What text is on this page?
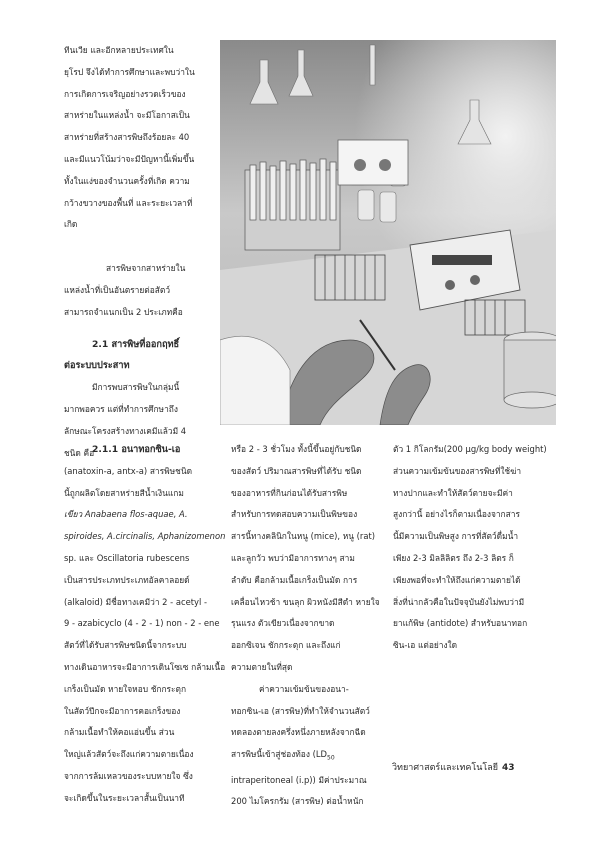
ทีนเวีย และอีกหลายประเทศใน

ยุโรป จึงได้ทำการศึกษาและพบว่าใน

การเกิดการเจริญอย่างรวดเร็วของ

สาหร่ายในแหล่งน้ำ จะมีโอกาสเป็น

สาหร่ายที่สร้างสารพิษถึงร้อยละ 40

และมีแนวโน้มว่าจะมีปัญหานี้เพิ่มขึ้น

ทั้งในแง่ของจำนวนครั้งที่เกิด ความ

กว้างขวางของพื้นที่ และระยะเวลาที่

เกิด

สารพิษจากสาหร่ายใน

แหล่งน้ำที่เป็นอันตรายต่อสัตว์

สามารถจำแนกเป็น 2 ประเภทคือ

2.1 สารพิษที่ออกฤทธิ์
ต่อระบบประสาท

มีการพบสารพิษในกลุ่มนี้

มากพอควร แต่ที่ทำการศึกษาถึง

ลักษณะโครงสร้างทางเคมีแล้วมี 4

ชนิด คือ

2.1.1 อนาทอกซิน-เอ

(anatoxin-a, antx-a) สารพิษชนิด

นี้ถูกผลิตโดยสาหร่ายสีน้ำเงินแกม

เขียว Anabaena flos-aquae, A.

spiroides, A.circinalis, Aphanizomenon

sp. และ Oscillatoria rubescens

เป็นสารประเภทประเภทอัลคาลอยด์

(alkaloid) มีชื่อทางเคมีว่า 2 - acetyl -

9 - azabicyclo (4 - 2 - 1) non - 2 - ene

สัตว์ที่ได้รับสารพิษชนิดนี้จากระบบ

ทางเดินอาหารจะมีอาการเดินโซเซ กล้ามเนื้อ

เกร็งเป็นมัด หายใจหอบ ชักกระตุก

ในสัตว์ปีกจะมีอาการคอเกร็งของ

กล้ามเนื้อทำให้คอแอ่นขึ้น ส่วน

ใหญ่แล้วสัตว์จะถึงแก่ความตายเนื่อง

จากการล้มเหลวของระบบหายใจ ซึ่ง

จะเกิดขึ้นในระยะเวลาสั้นเป็นนาที

หรือ 2 - 3 ชั่วโมง ทั้งนี้ขึ้นอยู่กับชนิด

ของสัตว์ ปริมาณสารพิษที่ได้รับ ชนิด

ของอาหารที่กินก่อนได้รับสารพิษ

สำหรับการทดสอบความเป็นพิษของ

สารนี้ทางคลินิกในหนู (mice), หนู (rat)

และลูกวัว พบว่ามีอาการทางๆ สาม

ลำดับ คือกล้ามเนื้อเกร็งเป็นมัด การ

เคลื่อนไหวช้า ขนลุก ผิวหนังมีสีดำ หายใจ

รุนแรง ตัวเขียวเนื่องจากขาด

ออกซิเจน ชักกระตุก และถึงแก่

ความตายในที่สุด

ค่าความเข้มข้นของอนา-

ทอกซิน-เอ (สารพิษ)ที่ทำให้จำนวนสัตว์

ทดลองตายลงครึ่งหนึ่งภายหลังจากฉีด

สารพิษนี้เข้าสู่ช่องท้อง ($LD_{50}$

intraperitoneal (i.p)) มีค่าประมาณ

200 ไมโครกรัม (สารพิษ) ต่อน้ำหนัก

ตัว 1 กิโลกรัม(200 μg/kg body weight)

ส่วนความเข้มข้นของสารพิษที่ใช้ฆ่า

ทางปากและทำให้สัตว์ตายจะมีค่า

สูงกว่านี้ อย่างไรก็ตามเนื่องจากสาร

นี้มีความเป็นพิษสูง การที่สัตว์ดื่มน้ำ

เพียง 2-3 มิลลิลิตร ถึง 2-3 ลิตร ก็

เพียงพอที่จะทำให้ถึงแก่ความตายได้

สิ่งที่น่ากลัวคือในปัจจุบันยังไม่พบว่ามี

ยาแก้พิษ (antidote) สำหรับอนาทอก

ซิน-เอ แต่อย่างใด

วิทยาศาสตร์และเทคโนโลยี 43
